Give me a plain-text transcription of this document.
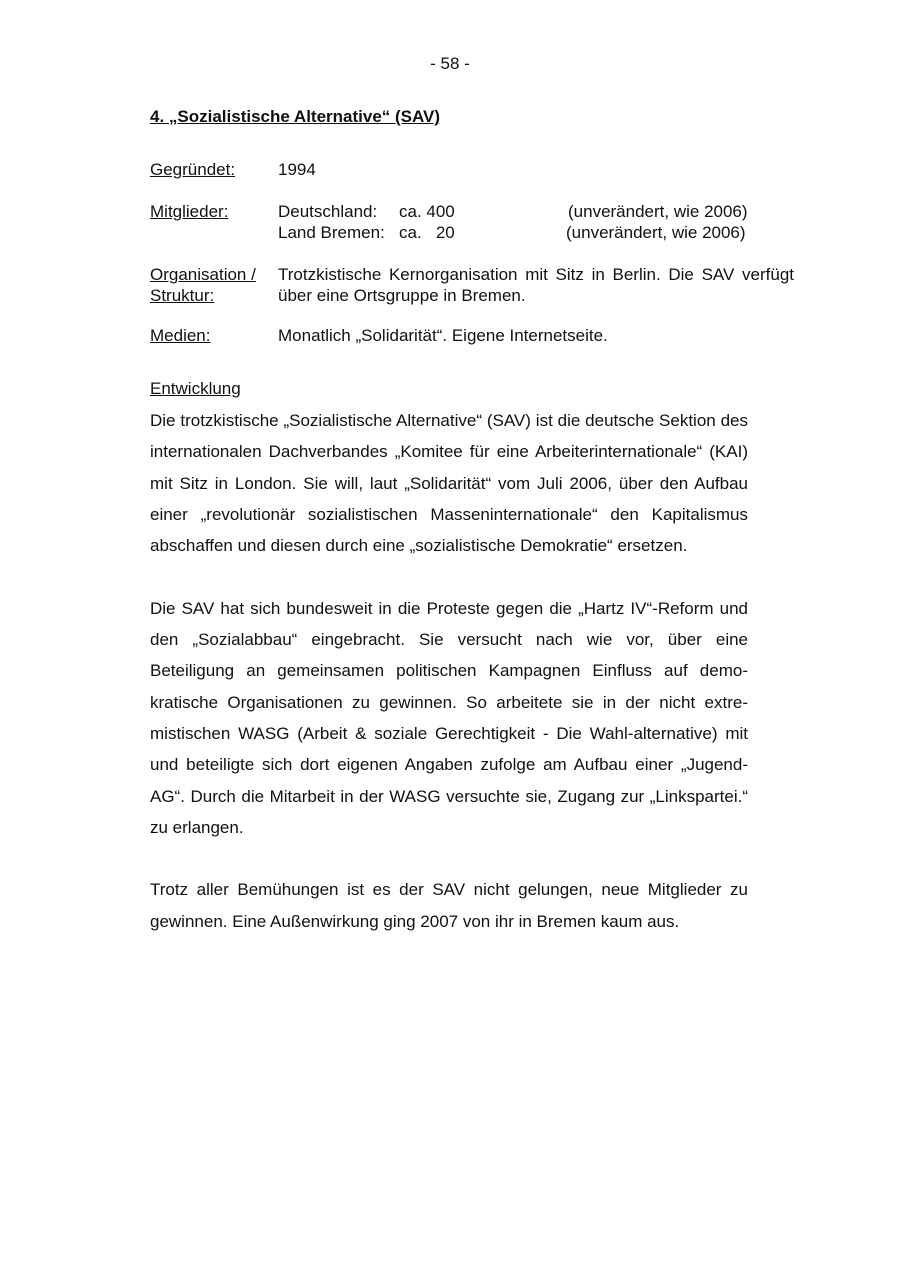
- 58 -
4. „Sozialistische Alternative“ (SAV)
Gegründet:	1994
Mitglieder:	Deutschland: ca. 400	(unverändert, wie 2006)
Land Bremen: ca.   20	(unverändert, wie 2006)
Organisation /
Struktur:
Trotzkistische Kernorganisation mit Sitz in Berlin. Die SAV verfügt über eine Ortsgruppe in Bremen.
Medien:	Monatlich „Solidarität“. Eigene Internetseite.
Entwicklung

Die trotzkistische „Sozialistische Alternative“ (SAV) ist die deutsche Sektion des internationalen Dachverbandes „Komitee für eine Arbeiterinternationale“ (KAI) mit Sitz in London. Sie will, laut „Solidarität“ vom Juli 2006, über den Aufbau einer „revolutionär sozialistischen Masseninternationale“ den Kapitalismus abschaffen und diesen durch eine „sozialistische Demokratie“ ersetzen.

Die SAV hat sich bundesweit in die Proteste gegen die „Hartz IV“-Reform und den „Sozialabbau“ eingebracht. Sie versucht nach wie vor, über eine Beteiligung an gemeinsamen politischen Kampagnen Einfluss auf demokratische Organisationen zu gewinnen. So arbeitete sie in der nicht extremistischen WASG (Arbeit & soziale Gerechtigkeit - Die Wahl-alternative) mit und beteiligte sich dort eigenen Angaben zufolge am Aufbau einer „Jugend-AG“. Durch die Mitarbeit in der WASG versuchte sie, Zugang zur „Linkspartei.“ zu erlangen.

Trotz aller Bemühungen ist es der SAV nicht gelungen, neue Mitglieder zu gewinnen. Eine Außenwirkung ging 2007 von ihr in Bremen kaum aus.
